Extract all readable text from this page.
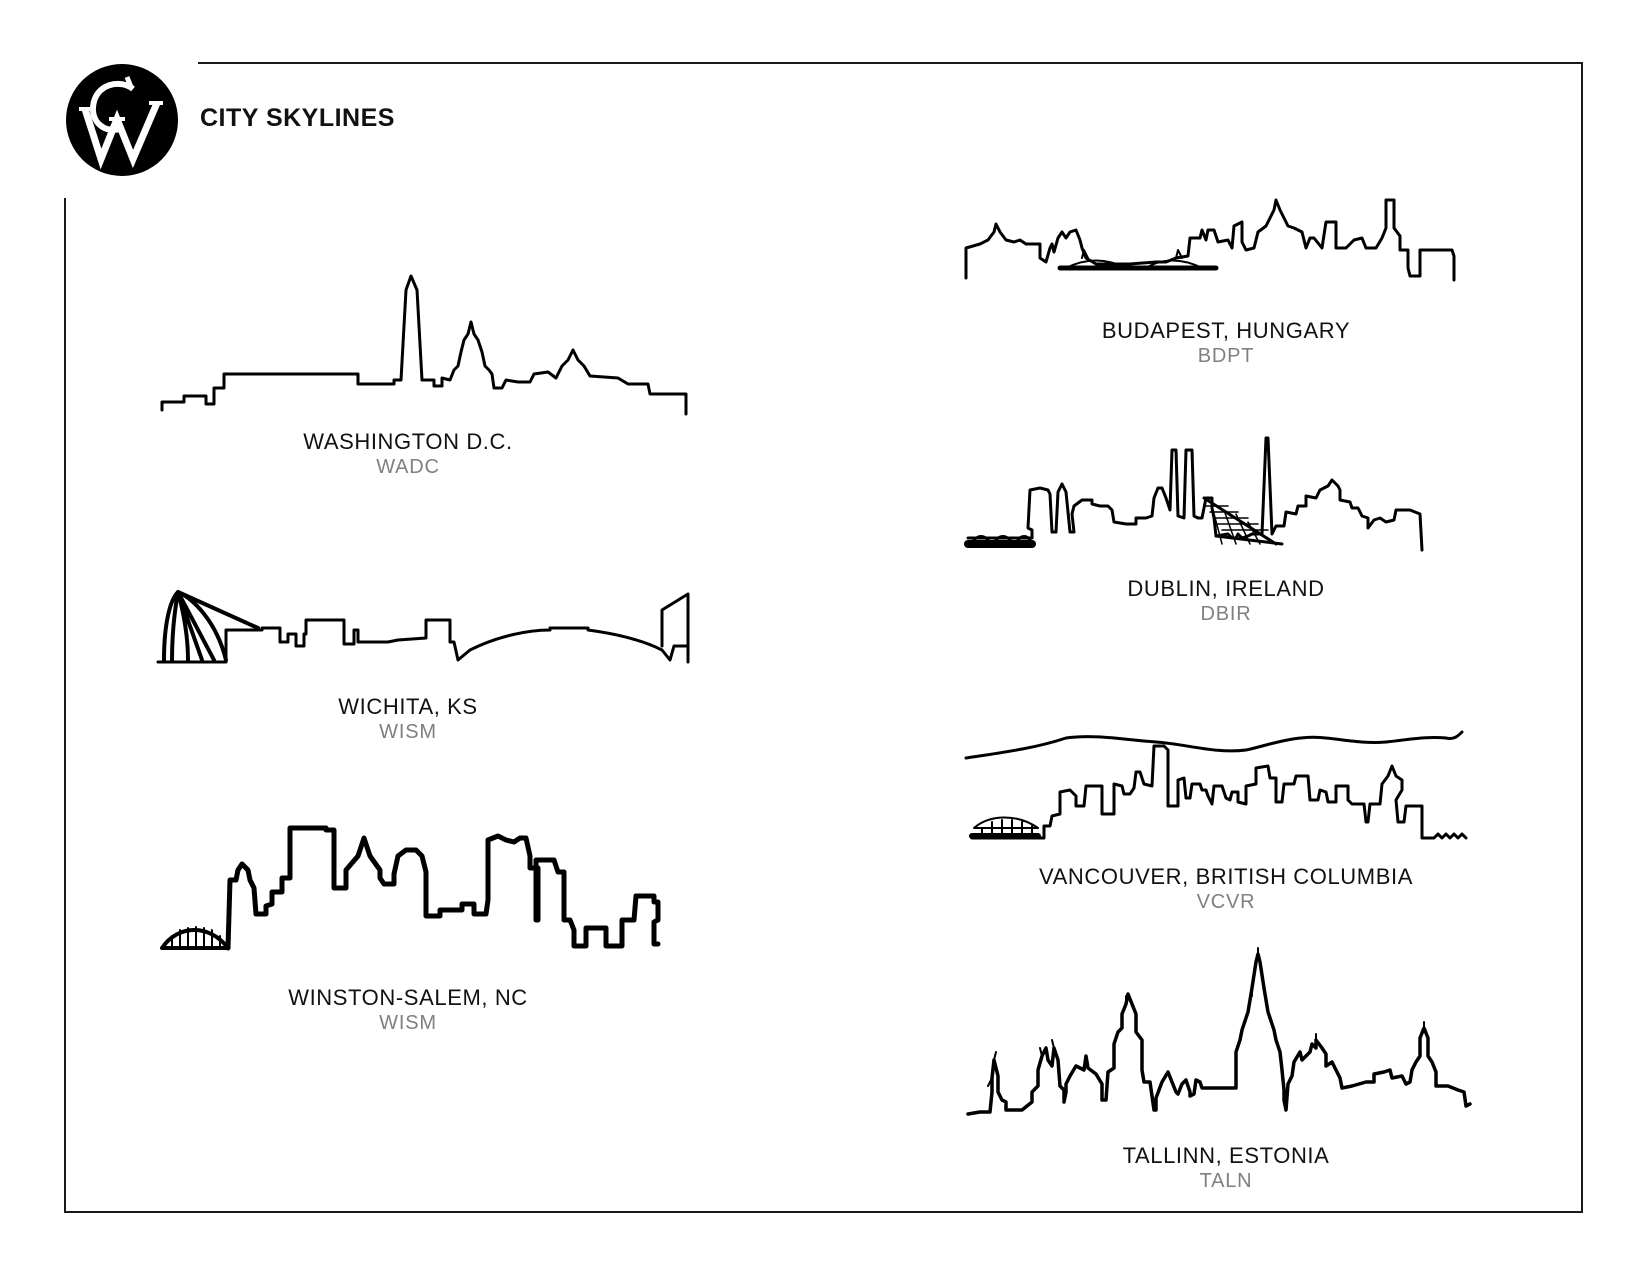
CITY SKYLINES
WASHINGTON D.C.
WADC
WICHITA, KS
WISM
WINSTON-SALEM, NC
WISM
BUDAPEST, HUNGARY
BDPT
DUBLIN, IRELAND
DBIR
VANCOUVER, BRITISH COLUMBIA
VCVR
TALLINN, ESTONIA
TALN
